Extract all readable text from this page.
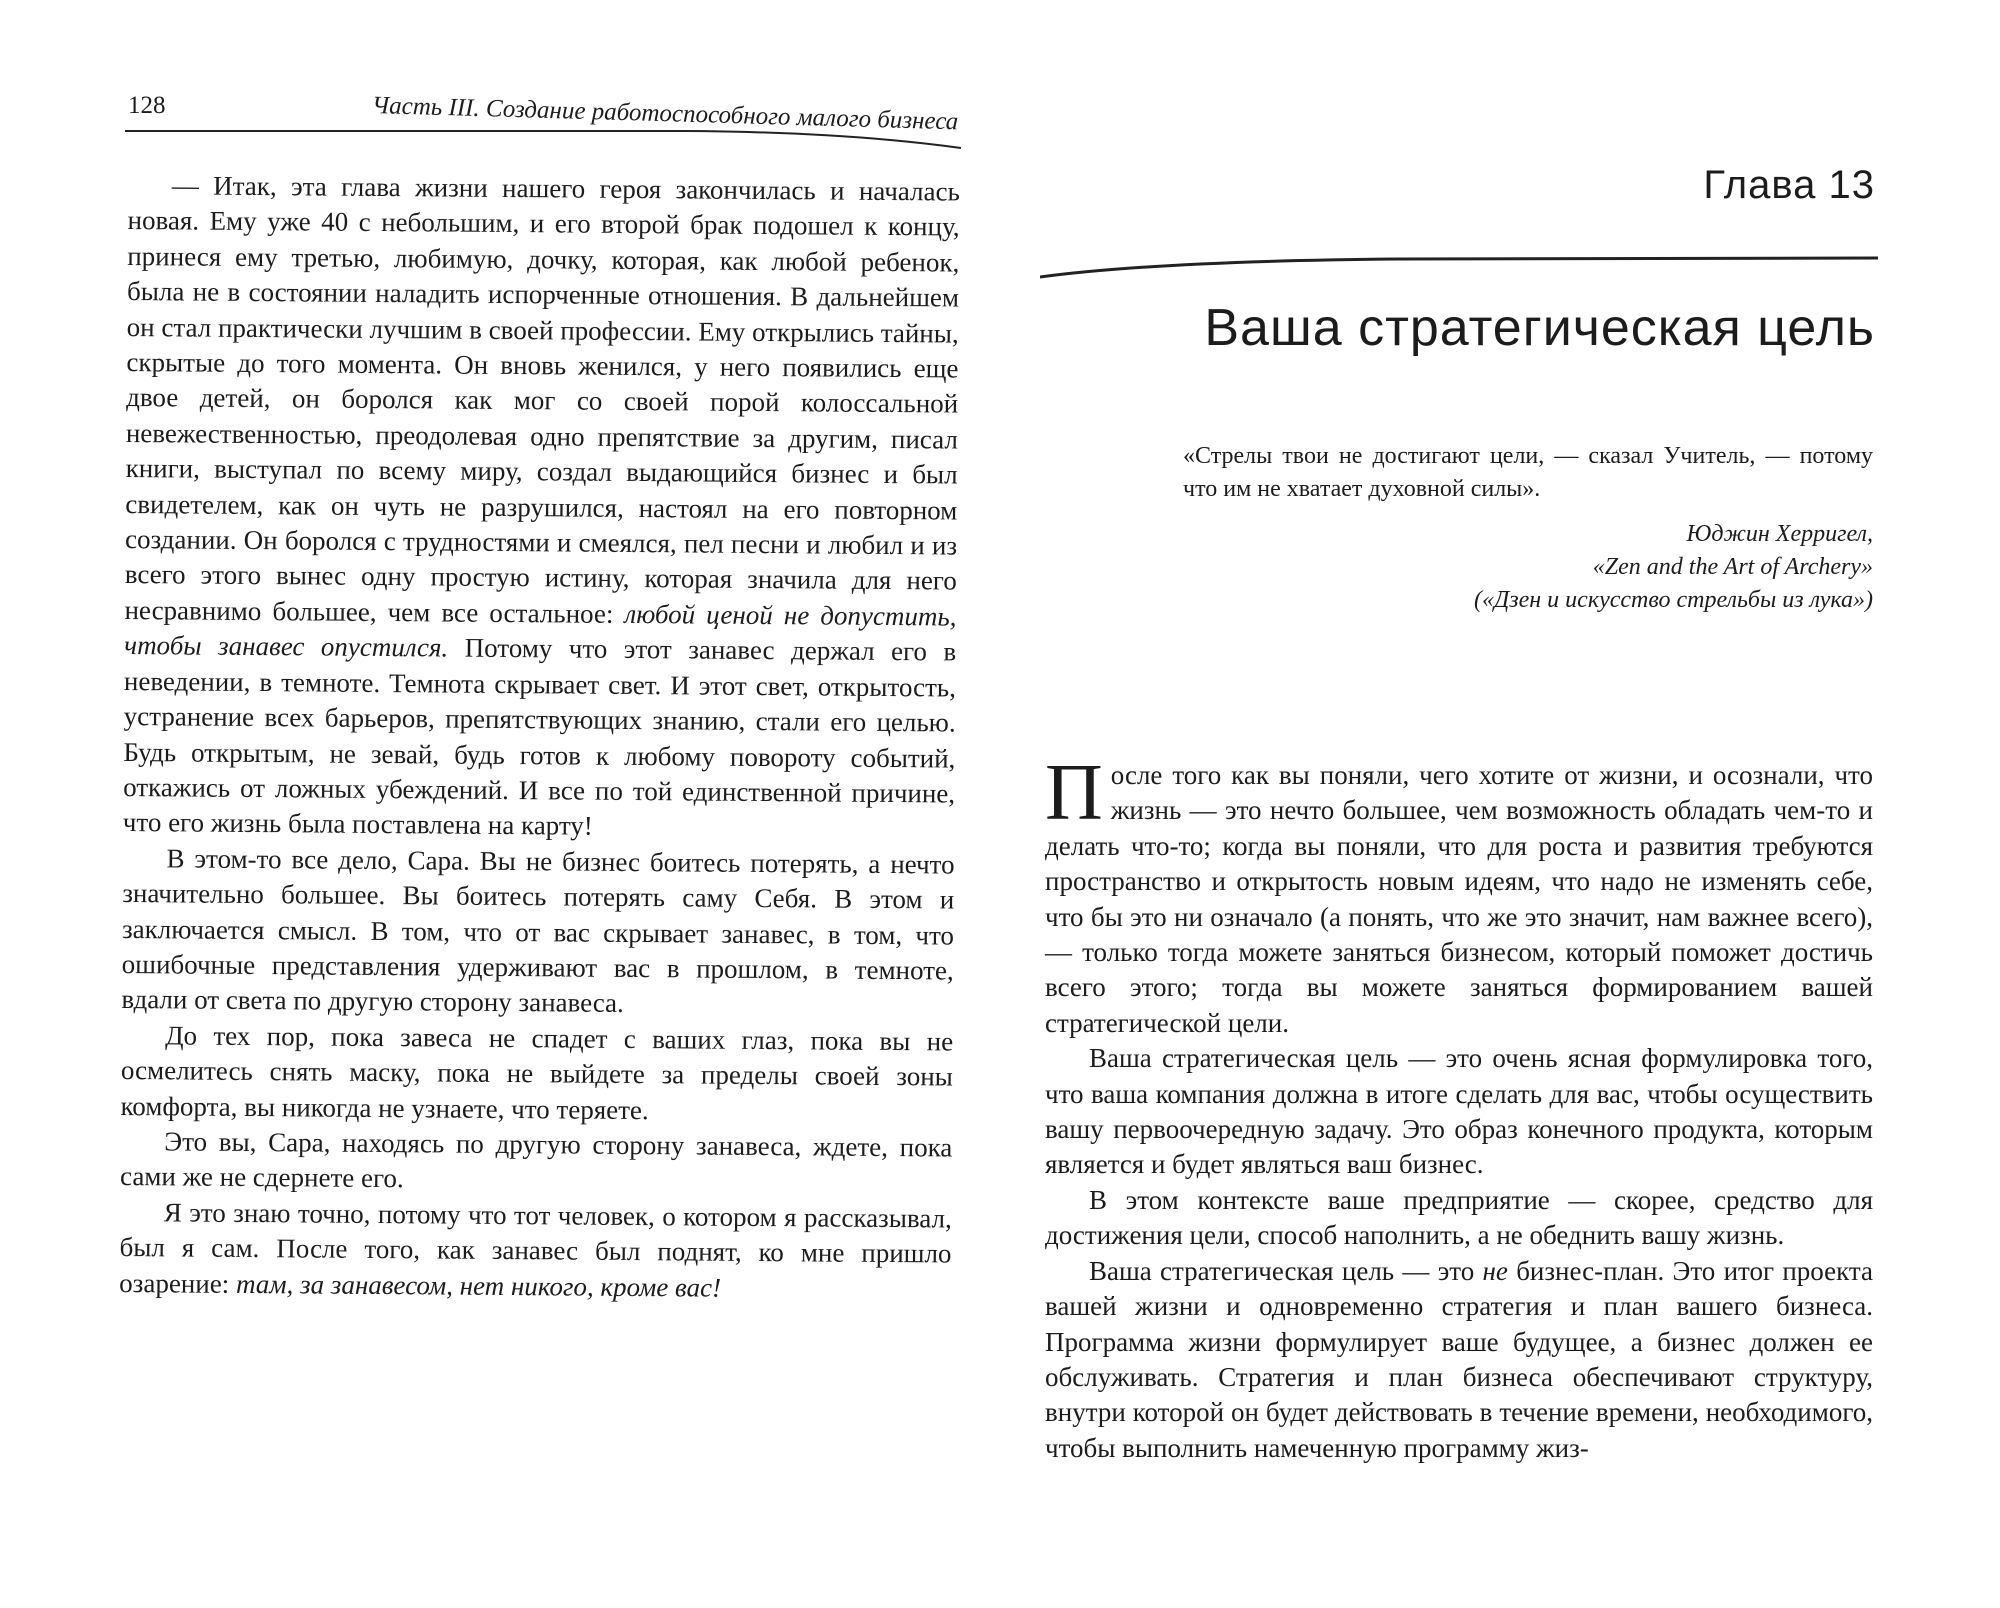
128	Часть III. Создание работоспособного малого бизнеса

— Итак, эта глава жизни нашего героя закончилась и началась новая. Ему уже 40 с небольшим, и его второй брак подошел к концу, принеся ему третью, любимую, дочку, которая, как любой ребенок, была не в состоянии наладить испорченные отношения. В дальнейшем он стал практически лучшим в своей профессии. Ему открылись тайны, скрытые до того момента. Он вновь женился, у него появились еще двое детей, он боролся как мог со своей порой колоссальной невежественностью, преодолевая одно препятствие за другим, писал книги, выступал по всему миру, создал выдающийся бизнес и был свидетелем, как он чуть не разрушился, настоял на его повторном создании. Он боролся с трудностями и смеялся, пел песни и любил и из всего этого вынес одну простую истину, которая значила для него несравнимо большее, чем все остальное: любой ценой не допустить, чтобы занавес опустился. Потому что этот занавес держал его в неведении, в темноте. Темнота скрывает свет. И этот свет, открытость, устранение всех барьеров, препятствующих знанию, стали его целью. Будь открытым, не зевай, будь готов к любому повороту событий, откажись от ложных убеждений. И все по той единственной причине, что его жизнь была поставлена на карту!

В этом-то все дело, Сара. Вы не бизнес боитесь потерять, а нечто значительно большее. Вы боитесь потерять саму Себя. В этом и заключается смысл. В том, что от вас скрывает занавес, в том, что ошибочные представления удерживают вас в прошлом, в темноте, вдали от света по другую сторону занавеса.

До тех пор, пока завеса не спадет с ваших глаз, пока вы не осмелитесь снять маску, пока не выйдете за пределы своей зоны комфорта, вы никогда не узнаете, что теряете.

Это вы, Сара, находясь по другую сторону занавеса, ждете, пока сами же не сдернете его.

Я это знаю точно, потому что тот человек, о котором я рассказывал, был я сам. После того, как занавес был поднят, ко мне пришло озарение: там, за занавесом, нет никого, кроме вас!

Глава 13
Ваша стратегическая цель

«Стрелы твои не достигают цели, — сказал Учитель, — потому что им не хватает духовной силы».

Юджин Херригел,
«Zen and the Art of Archery»
(«Дзен и искусство стрельбы из лука»)

После того как вы поняли, чего хотите от жизни, и осознали, что жизнь — это нечто большее, чем возможность обладать чем-то и делать что-то; когда вы поняли, что для роста и развития требуются пространство и открытость новым идеям, что надо не изменять себе, что бы это ни означало (а понять, что же это значит, нам важнее всего), — только тогда можете заняться бизнесом, который поможет достичь всего этого; тогда вы можете заняться формированием вашей стратегической цели.

Ваша стратегическая цель — это очень ясная формулировка того, что ваша компания должна в итоге сделать для вас, чтобы осуществить вашу первоочередную задачу. Это образ конечного продукта, которым является и будет являться ваш бизнес.

В этом контексте ваше предприятие — скорее, средство для достижения цели, способ наполнить, а не обеднить вашу жизнь.

Ваша стратегическая цель — это не бизнес-план. Это итог проекта вашей жизни и одновременно стратегия и план вашего бизнеса. Программа жизни формулирует ваше будущее, а бизнес должен ее обслуживать. Стратегия и план бизнеса обеспечивают структуру, внутри которой он будет действовать в течение времени, необходимого, чтобы выполнить намеченную программу жиз-
